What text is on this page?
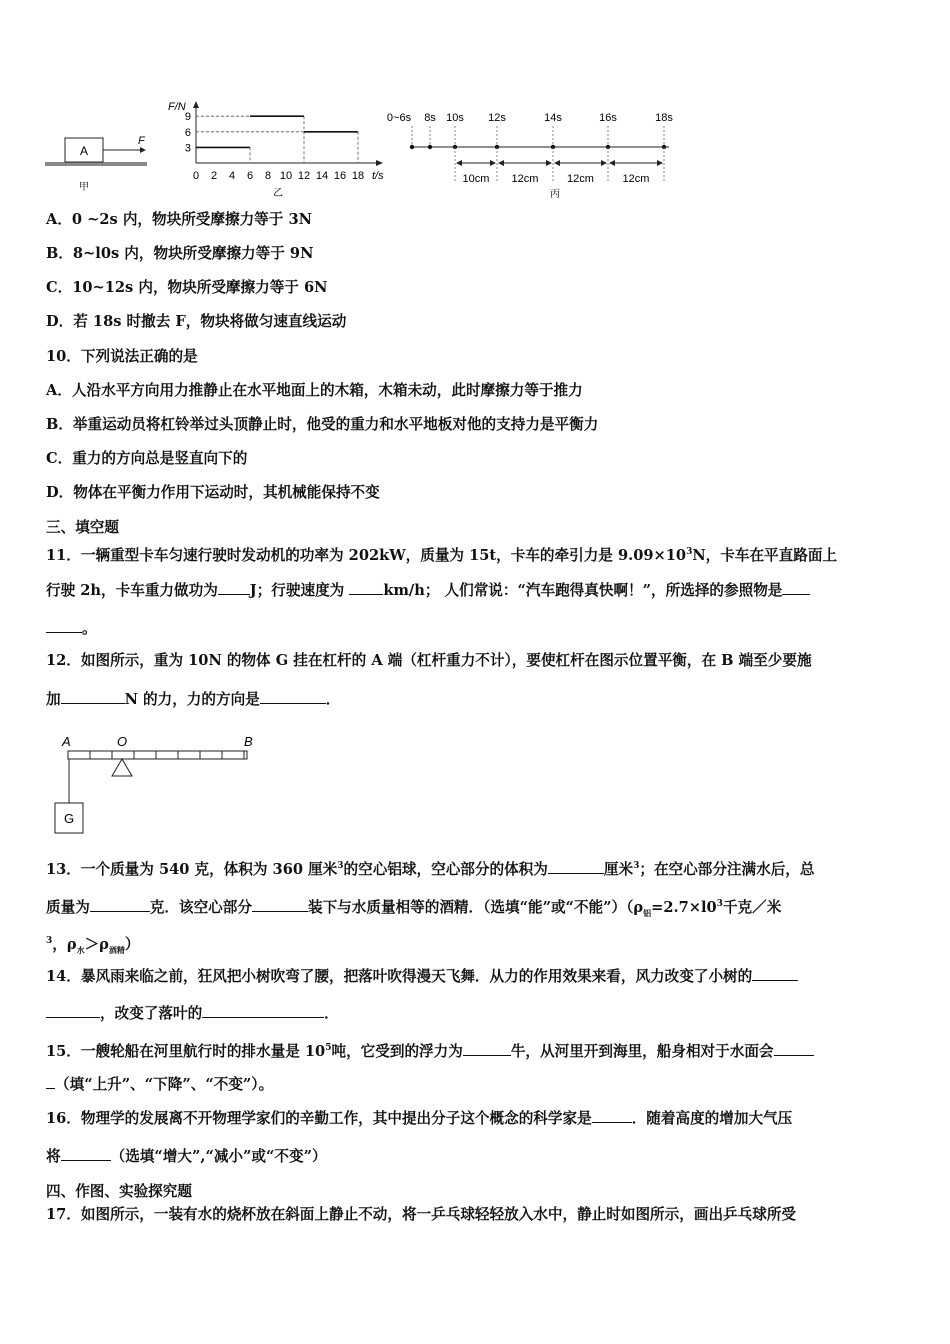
A
F
甲
F/N
0 2 4 6 8 10 12 14 16 18
9
6
3
t/s
乙
0~6s 8s 10s 12s	14s	16s	18s
10cm 12cm	12cm	12cm
丙
A．0 ~2s 内，物块所受摩擦力等于 3N
B．8~l0s 内，物块所受摩擦力等于 9N
C．10~12s 内，物块所受摩擦力等于 6N
D．若 18s 时撤去 F，物块将做匀速直线运动
10．下列说法正确的是
A．人沿水平方向用力推静止在水平地面上的木箱，木箱未动，此时摩擦力等于推力
B．举重运动员将杠铃举过头顶静止时，他受的重力和水平地板对他的支持力是平衡力
C．重力的方向总是竖直向下的
D．物体在平衡力作用下运动时，其机械能保持不变
三、填空题
11．一辆重型卡车匀速行驶时发动机的功率为 202kW，质量为 15t，卡车的牵引力是 $9.09\times 10^3N$，卡车在平直路面上
行驶 2h，卡车重力做功为 J；行驶速度为 km/h； 人们常说：“汽车跑得真快啊！”，所选择的参照物是
。
12．如图所示，重为 10N 的物体 G 挂在杠杆的 A 端（杠杆重力不计），要使杠杆在图示位置平衡，在 B 端至少要施
加	N 的力，力的方向是	．
A	O	B
G
13．一个质量为 540 克，体积为 360 厘米$^3$的空心铝球，空心部分的体积为	厘米$^3$；在空心部分注满水后，总
质量为	克．该空心部分	装下与水质量相等的酒精．（选填“能”或“不能$”)(\rho_铝=2.7\times l0^3$千克／米
$^3$，$\rho_水>\rho_{酒精}$）
14．暴风雨来临之前，狂风把小树吹弯了腰，把落叶吹得漫天飞舞．从力的作用效果来看，风力改变了小树的
，改变了落叶的	．
15．一艘轮船在河里航行时的排水量是 $10^5$吨，它受到的浮力为	牛，从河里开到海里，船身相对于水面会
（填“上升”、“下降”、“不变”）。
16．物理学的发展离不开物理学家们的辛勤工作，其中提出分子这个概念的科学家是	．随着高度的增加大气压
将	（选填“增大”,“减小”或“不变”）
四、作图、实验探究题
17．如图所示，一装有水的烧杯放在斜面上静止不动，将一乒乓球轻轻放入水中，静止时如图所示，画出乒乓球所受
